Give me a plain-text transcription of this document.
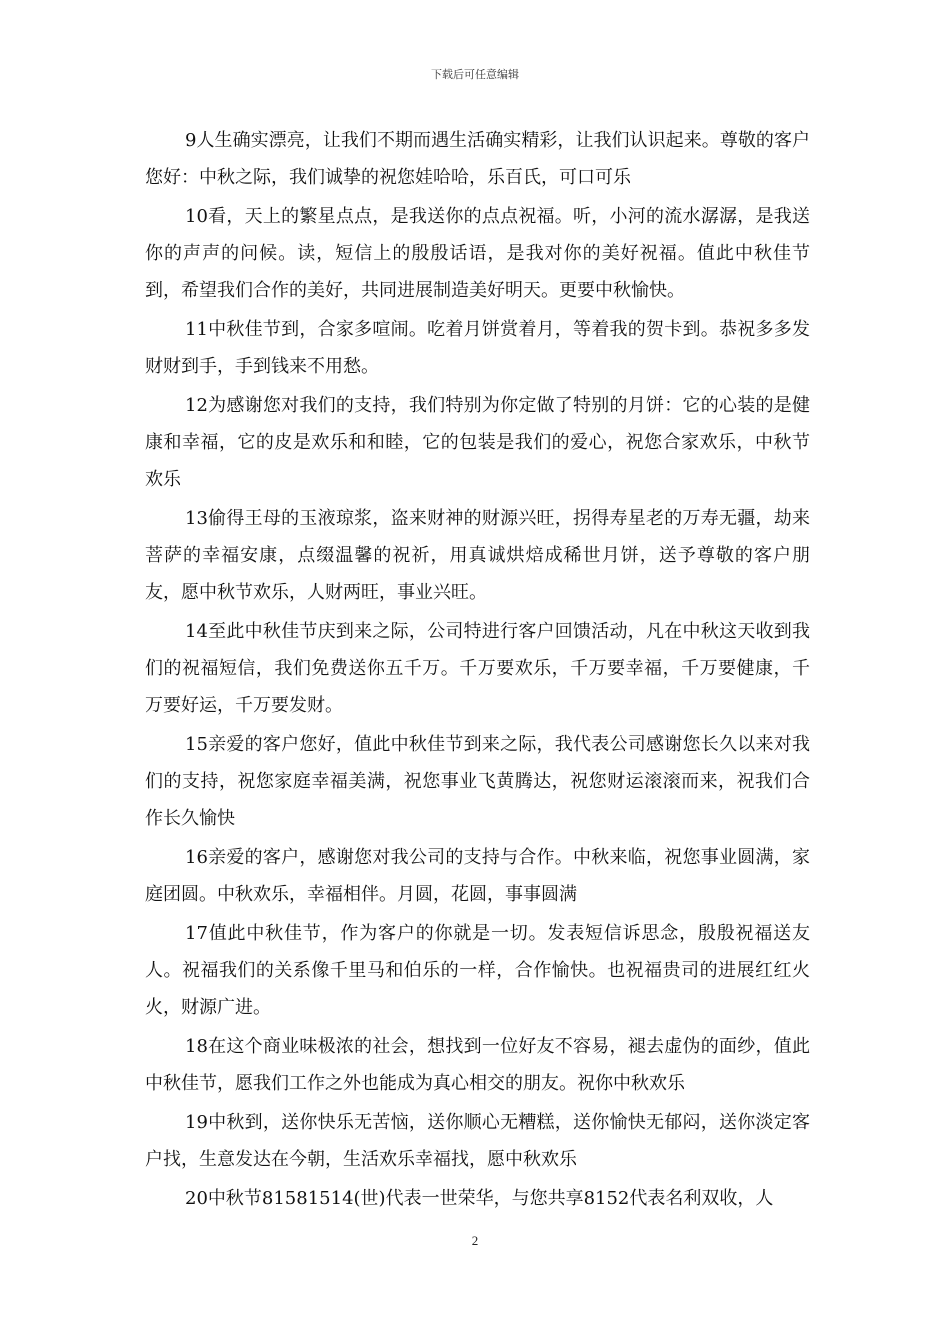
下载后可任意编辑

9人生确实漂亮，让我们不期而遇生活确实精彩，让我们认识起来。尊敬的客户您好：中秋之际，我们诚挚的祝您娃哈哈，乐百氏，可口可乐

10看，天上的繁星点点，是我送你的点点祝福。听，小河的流水潺潺，是我送你的声声的问候。读，短信上的殷殷话语，是我对你的美好祝福。值此中秋佳节到，希望我们合作的美好，共同进展制造美好明天。更要中秋愉快。

11中秋佳节到，合家多喧闹。吃着月饼赏着月，等着我的贺卡到。恭祝多多发财财到手，手到钱来不用愁。

12为感谢您对我们的支持，我们特别为你定做了特别的月饼：它的心装的是健康和幸福，它的皮是欢乐和和睦，它的包装是我们的爱心，祝您合家欢乐，中秋节欢乐

13偷得王母的玉液琼浆，盗来财神的财源兴旺，拐得寿星老的万寿无疆，劫来菩萨的幸福安康，点缀温馨的祝祈，用真诚烘焙成稀世月饼，送予尊敬的客户朋友，愿中秋节欢乐，人财两旺，事业兴旺。

14至此中秋佳节庆到来之际，公司特进行客户回馈活动，凡在中秋这天收到我们的祝福短信，我们免费送你五千万。千万要欢乐，千万要幸福，千万要健康，千万要好运，千万要发财。

15亲爱的客户您好，值此中秋佳节到来之际，我代表公司感谢您长久以来对我们的支持，祝您家庭幸福美满，祝您事业飞黄腾达，祝您财运滚滚而来，祝我们合作长久愉快

16亲爱的客户，感谢您对我公司的支持与合作。中秋来临，祝您事业圆满，家庭团圆。中秋欢乐，幸福相伴。月圆，花圆，事事圆满

17值此中秋佳节，作为客户的你就是一切。发表短信诉思念，殷殷祝福送友人。祝福我们的关系像千里马和伯乐的一样，合作愉快。也祝福贵司的进展红红火火，财源广进。

18在这个商业味极浓的社会，想找到一位好友不容易，褪去虚伪的面纱，值此中秋佳节，愿我们工作之外也能成为真心相交的朋友。祝你中秋欢乐

19中秋到，送你快乐无苦恼，送你顺心无糟糕，送你愉快无郁闷，送你淡定客户找，生意发达在今朝，生活欢乐幸福找，愿中秋欢乐

20中秋节81581514(世)代表一世荣华，与您共享8152代表名利双收，人

2
